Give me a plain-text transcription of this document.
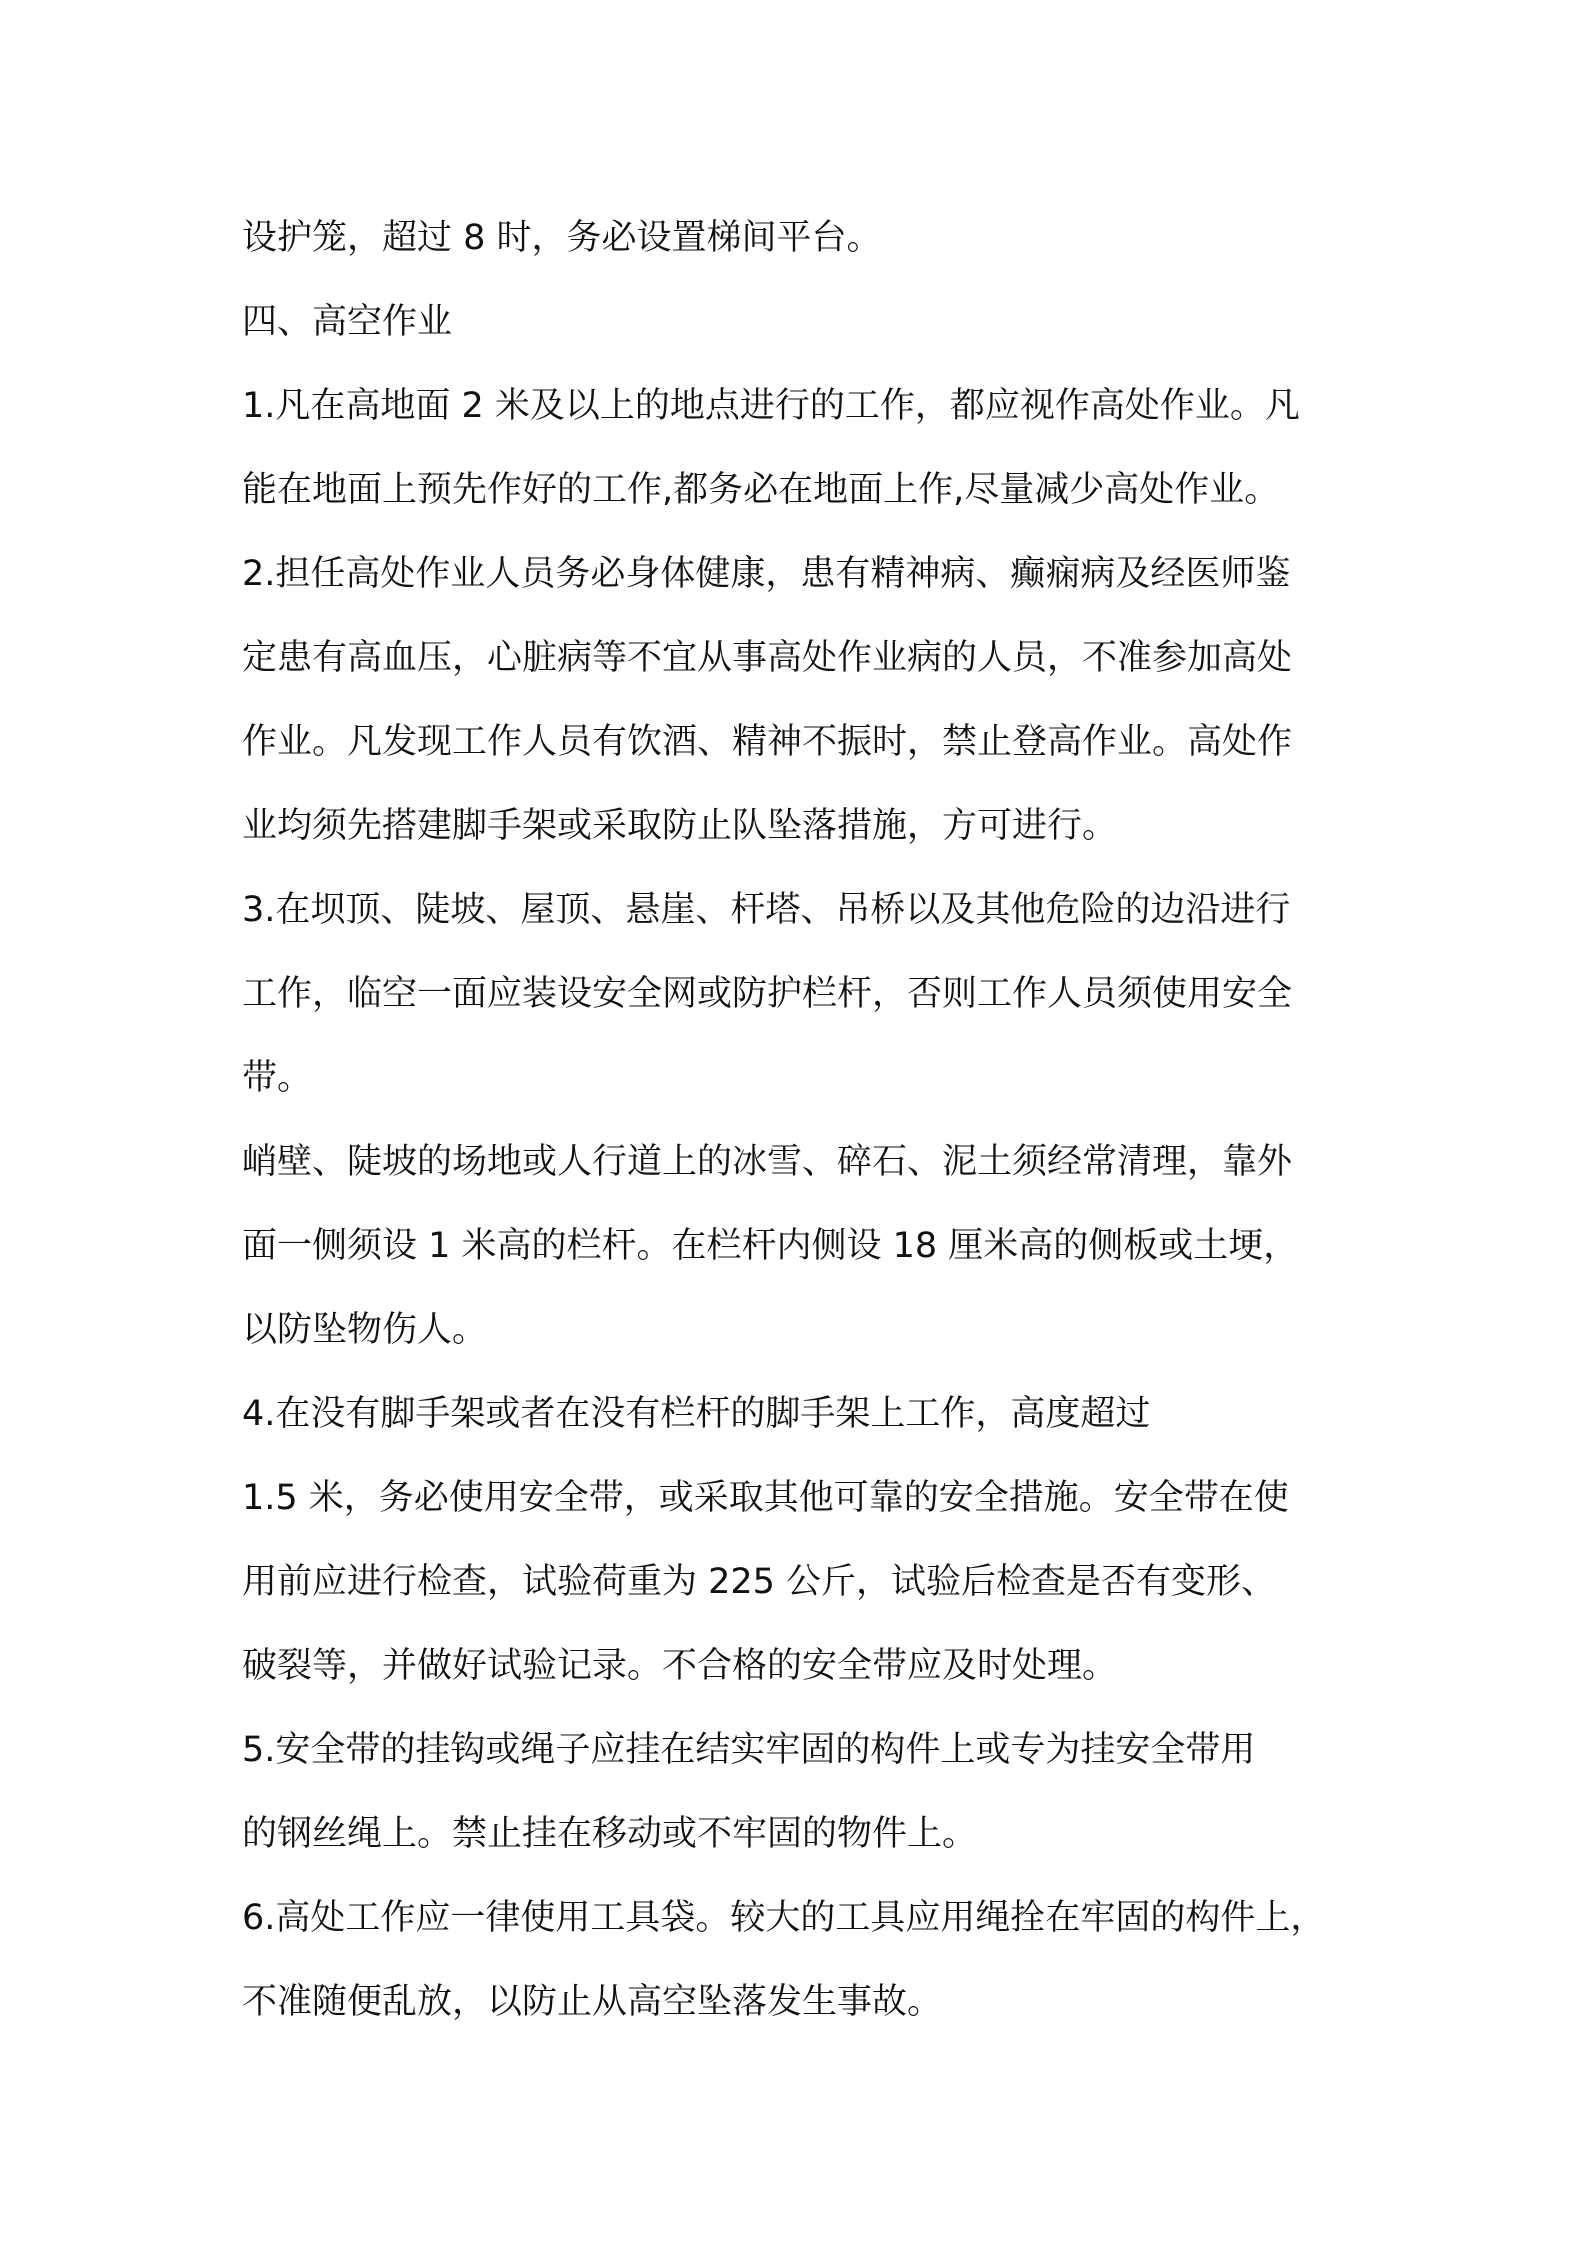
设护笼，超过 8 时，务必设置梯间平台。
四、高空作业
1.凡在高地面 2 米及以上的地点进行的工作，都应视作高处作业。凡
能在地面上预先作好的工作,都务必在地面上作,尽量减少高处作业。
2.担任高处作业人员务必身体健康，患有精神病、癫痫病及经医师鉴
定患有高血压，心脏病等不宜从事高处作业病的人员，不准参加高处
作业。凡发现工作人员有饮酒、精神不振时，禁止登高作业。高处作
业均须先搭建脚手架或采取防止队坠落措施，方可进行。
3.在坝顶、陡坡、屋顶、悬崖、杆塔、吊桥以及其他危险的边沿进行
工作，临空一面应装设安全网或防护栏杆，否则工作人员须使用安全
带。
峭壁、陡坡的场地或人行道上的冰雪、碎石、泥土须经常清理，靠外
面一侧须设 1 米高的栏杆。在栏杆内侧设 18 厘米高的侧板或土埂，
以防坠物伤人。
4.在没有脚手架或者在没有栏杆的脚手架上工作，高度超过
1.5 米，务必使用安全带，或采取其他可靠的安全措施。安全带在使
用前应进行检查，试验荷重为 225 公斤，试验后检查是否有变形、
破裂等，并做好试验记录。不合格的安全带应及时处理。
5.安全带的挂钩或绳子应挂在结实牢固的构件上或专为挂安全带用
的钢丝绳上。禁止挂在移动或不牢固的物件上。
6.高处工作应一律使用工具袋。较大的工具应用绳拴在牢固的构件上，
不准随便乱放，以防止从高空坠落发生事故。
